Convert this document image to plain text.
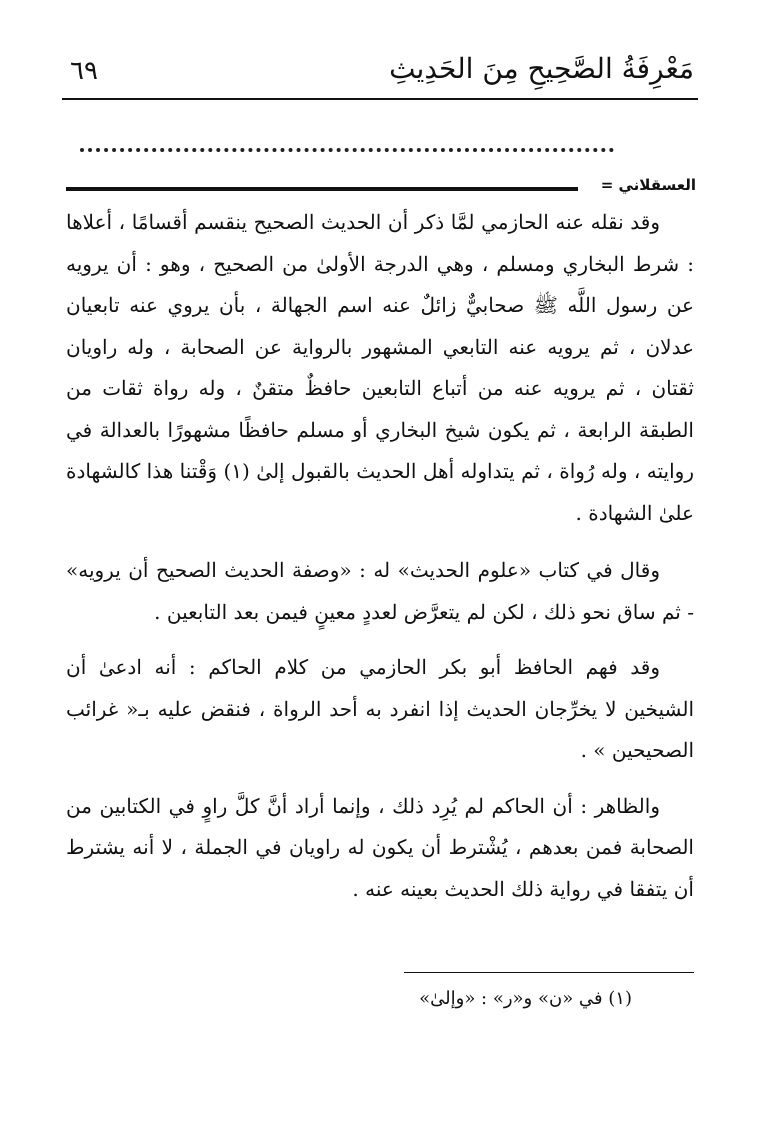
مَعْرِفَةُ الصَّحِيحِ مِنَ الحَدِيثِ
٦٩
العسقلاني =

وقد نقله عنه الحازمي لمَّا ذكر أن الحديث الصحيح ينقسم أقسامًا ، أعلاها : شرط البخاري ومسلم ، وهي الدرجة الأولىٰ من الصحيح ، وهو : أن يرويه عن رسول اللَّه ﷺ صحابيٌّ زائلٌ عنه اسم الجهالة ، بأن يروي عنه تابعيان عدلان ، ثم يرويه عنه التابعي المشهور بالرواية عن الصحابة ، وله راويان ثقتان ، ثم يرويه عنه من أتباع التابعين حافظٌ متقنٌ ، وله رواة ثقات من الطبقة الرابعة ، ثم يكون شيخ البخاري أو مسلم حافظًا مشهورًا بالعدالة في روايته ، وله رُواة ، ثم يتداوله أهل الحديث بالقبول إلىٰ (١) وَقْتنا هذا كالشهادة علىٰ الشهادة .

وقال في كتاب «علوم الحديث» له : «وصفة الحديث الصحيح أن يرويه» - ثم ساق نحو ذلك ، لكن لم يتعرَّض لعددٍ معينٍ فيمن بعد التابعين .

وقد فهم الحافظ أبو بكر الحازمي من كلام الحاكم : أنه ادعىٰ أن الشيخين لا يخرِّجان الحديث إذا انفرد به أحد الرواة ، فنقض عليه بـ« غرائب الصحيحين » .

والظاهر : أن الحاكم لم يُرِد ذلك ، وإنما أراد أنَّ كلَّ راوٍ في الكتابين من الصحابة فمن بعدهم ، يُشْترط أن يكون له راويان في الجملة ، لا أنه يشترط أن يتفقا في رواية ذلك الحديث بعينه عنه .

(١) في «ن» و«ر» : «وإلىٰ»
